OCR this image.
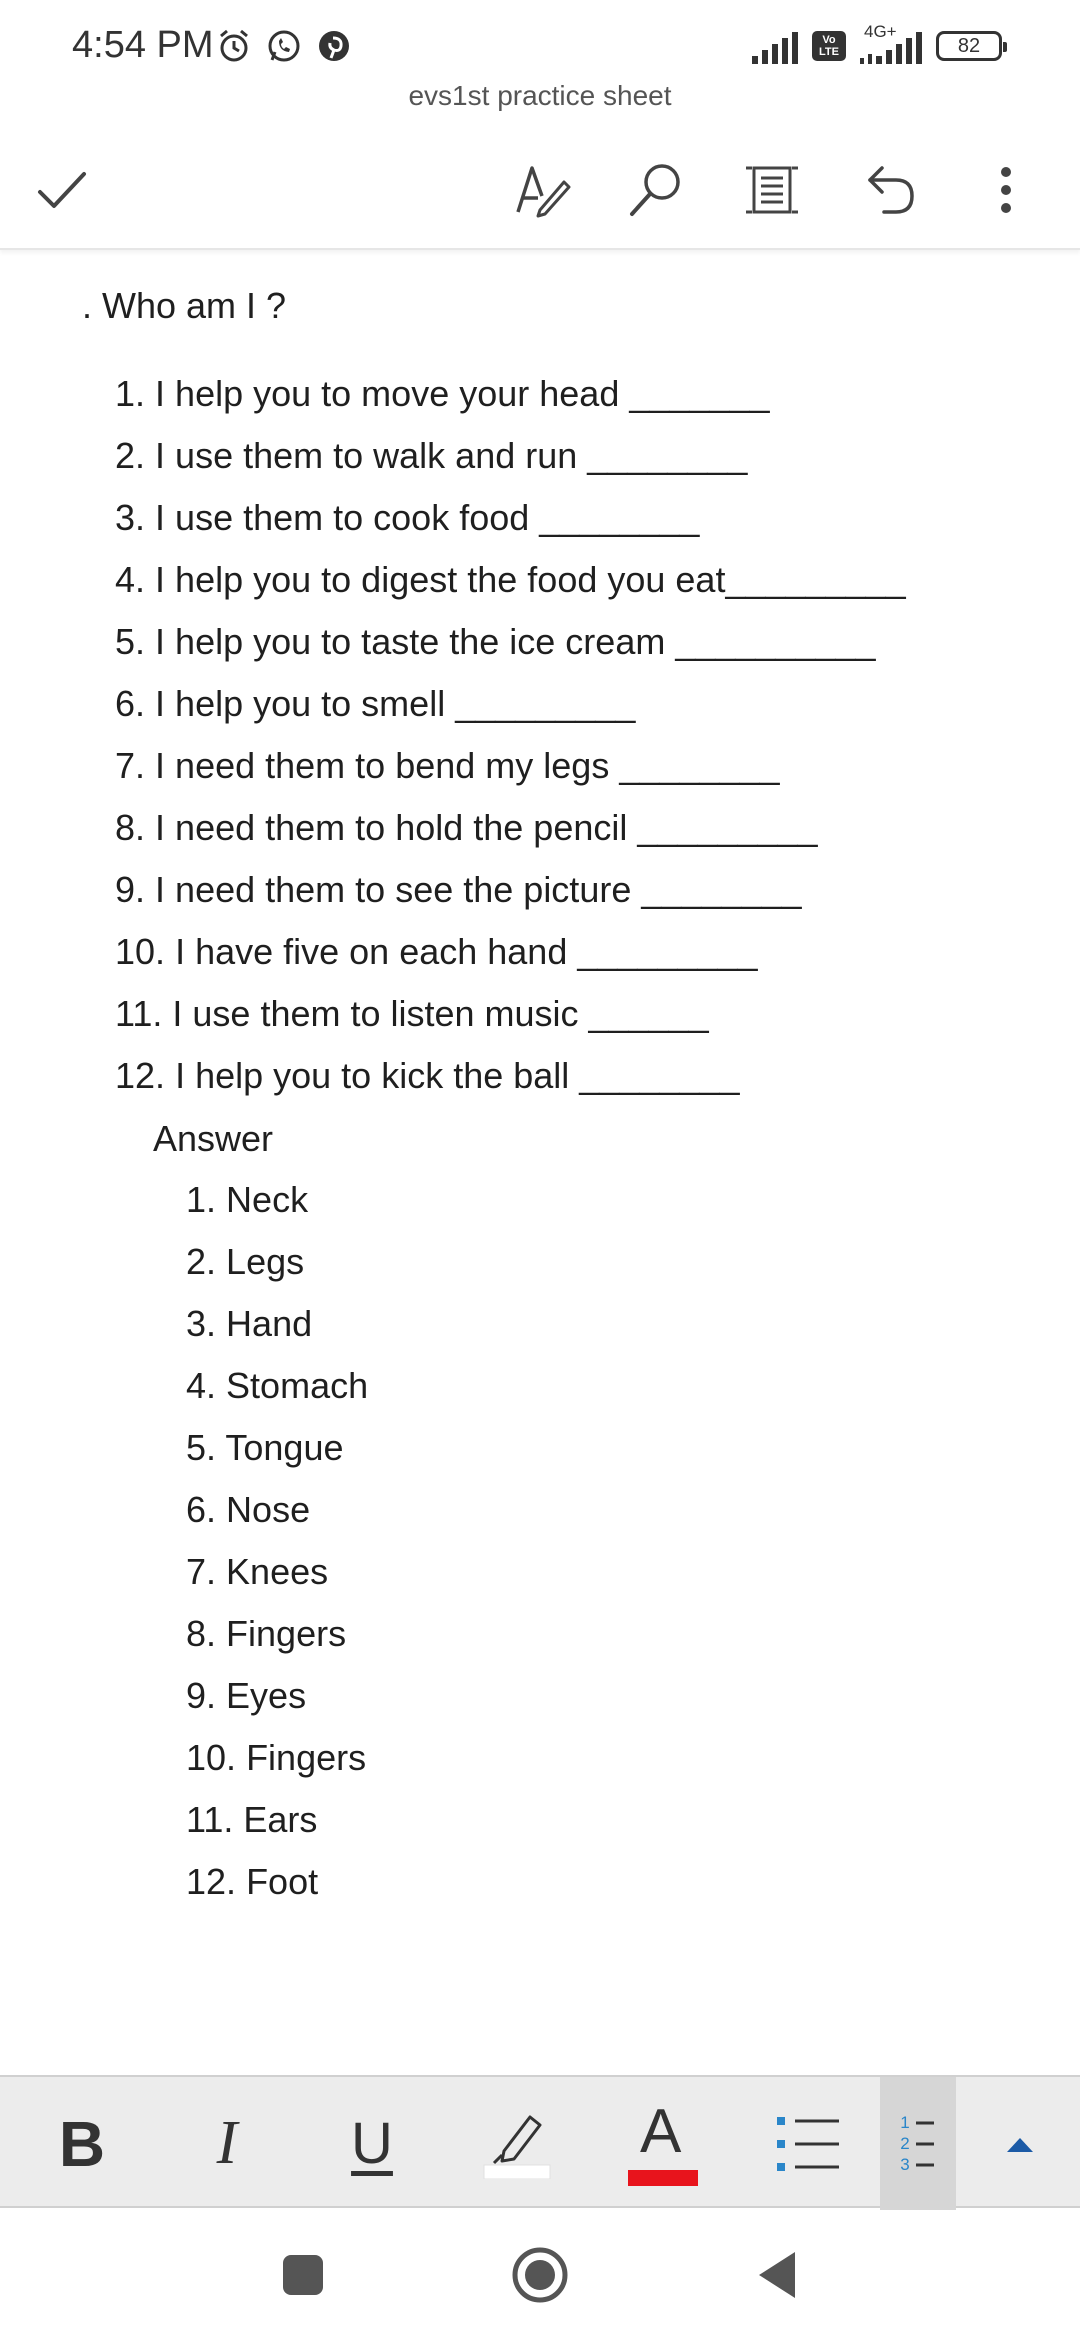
4:54 PM	Vo LTE
4G+
82
evs1st practice sheet
. Who am I ?
1. I help you to move your head _______
2. I use them to walk and run ________
3. I use them to cook food ________
4. I help you to digest the food you eat_________
5. I help you to taste the ice cream __________
6. I help you to smell _________
7. I need them to bend my legs ________
8. I need them to hold the pencil _________
9. I need them to see the picture ________
10. I have five on each hand _________
11. I use them to listen music ______
12. I help you to kick the ball ________
Answer
1. Neck
2. Legs
3. Hand
4. Stomach
5. Tongue
6. Nose
7. Knees
8. Fingers
9. Eyes
10. Fingers
11. Ears
12. Foot
B I U	A	1
2
3
